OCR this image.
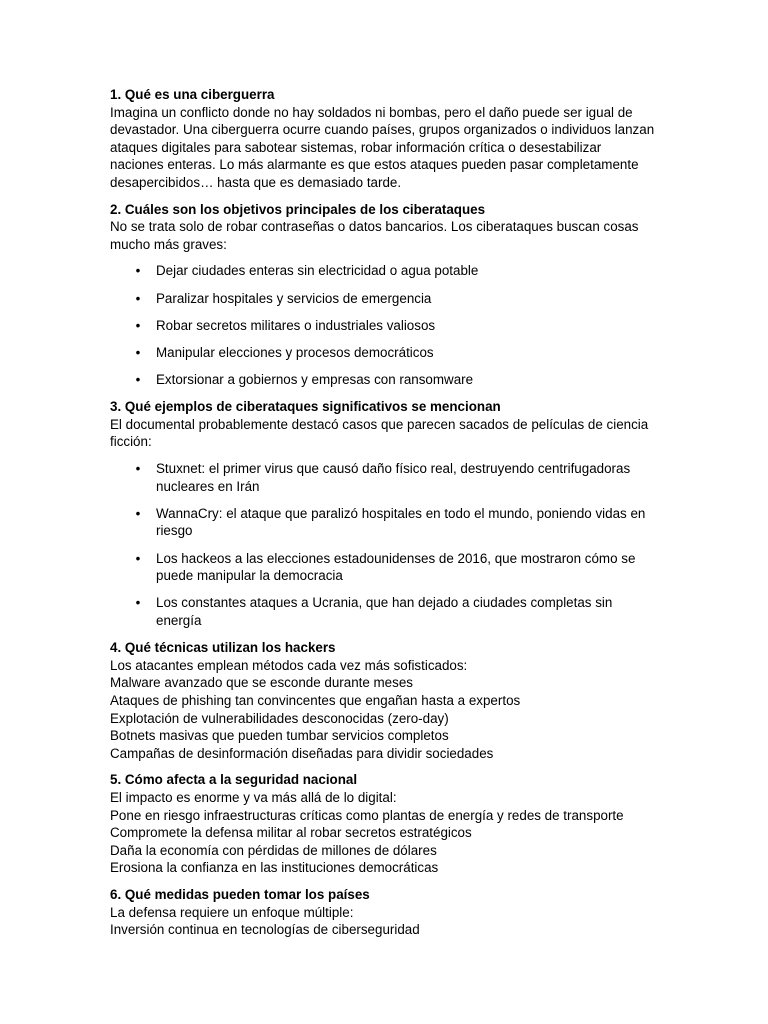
1. Qué es una ciberguerra

Imagina un conflicto donde no hay soldados ni bombas, pero el daño puede ser igual de devastador. Una ciberguerra ocurre cuando países, grupos organizados o individuos lanzan ataques digitales para sabotear sistemas, robar información crítica o desestabilizar naciones enteras. Lo más alarmante es que estos ataques pueden pasar completamente desapercibidos… hasta que es demasiado tarde.

2. Cuáles son los objetivos principales de los ciberataques

No se trata solo de robar contraseñas o datos bancarios. Los ciberataques buscan cosas mucho más graves:

• Dejar ciudades enteras sin electricidad o agua potable
• Paralizar hospitales y servicios de emergencia
• Robar secretos militares o industriales valiosos
• Manipular elecciones y procesos democráticos
• Extorsionar a gobiernos y empresas con ransomware

3. Qué ejemplos de ciberataques significativos se mencionan

El documental probablemente destacó casos que parecen sacados de películas de ciencia ficción:

• Stuxnet: el primer virus que causó daño físico real, destruyendo centrifugadoras nucleares en Irán
• WannaCry: el ataque que paralizó hospitales en todo el mundo, poniendo vidas en riesgo
• Los hackeos a las elecciones estadounidenses de 2016, que mostraron cómo se puede manipular la democracia
• Los constantes ataques a Ucrania, que han dejado a ciudades completas sin energía

4. Qué técnicas utilizan los hackers

Los atacantes emplean métodos cada vez más sofisticados:

Malware avanzado que se esconde durante meses

Ataques de phishing tan convincentes que engañan hasta a expertos

Explotación de vulnerabilidades desconocidas (zero-day)

Botnets masivas que pueden tumbar servicios completos

Campañas de desinformación diseñadas para dividir sociedades

5. Cómo afecta a la seguridad nacional

El impacto es enorme y va más allá de lo digital:

Pone en riesgo infraestructuras críticas como plantas de energía y redes de transporte

Compromete la defensa militar al robar secretos estratégicos

Daña la economía con pérdidas de millones de dólares

Erosiona la confianza en las instituciones democráticas

6. Qué medidas pueden tomar los países

La defensa requiere un enfoque múltiple:

Inversión continua en tecnologías de ciberseguridad
